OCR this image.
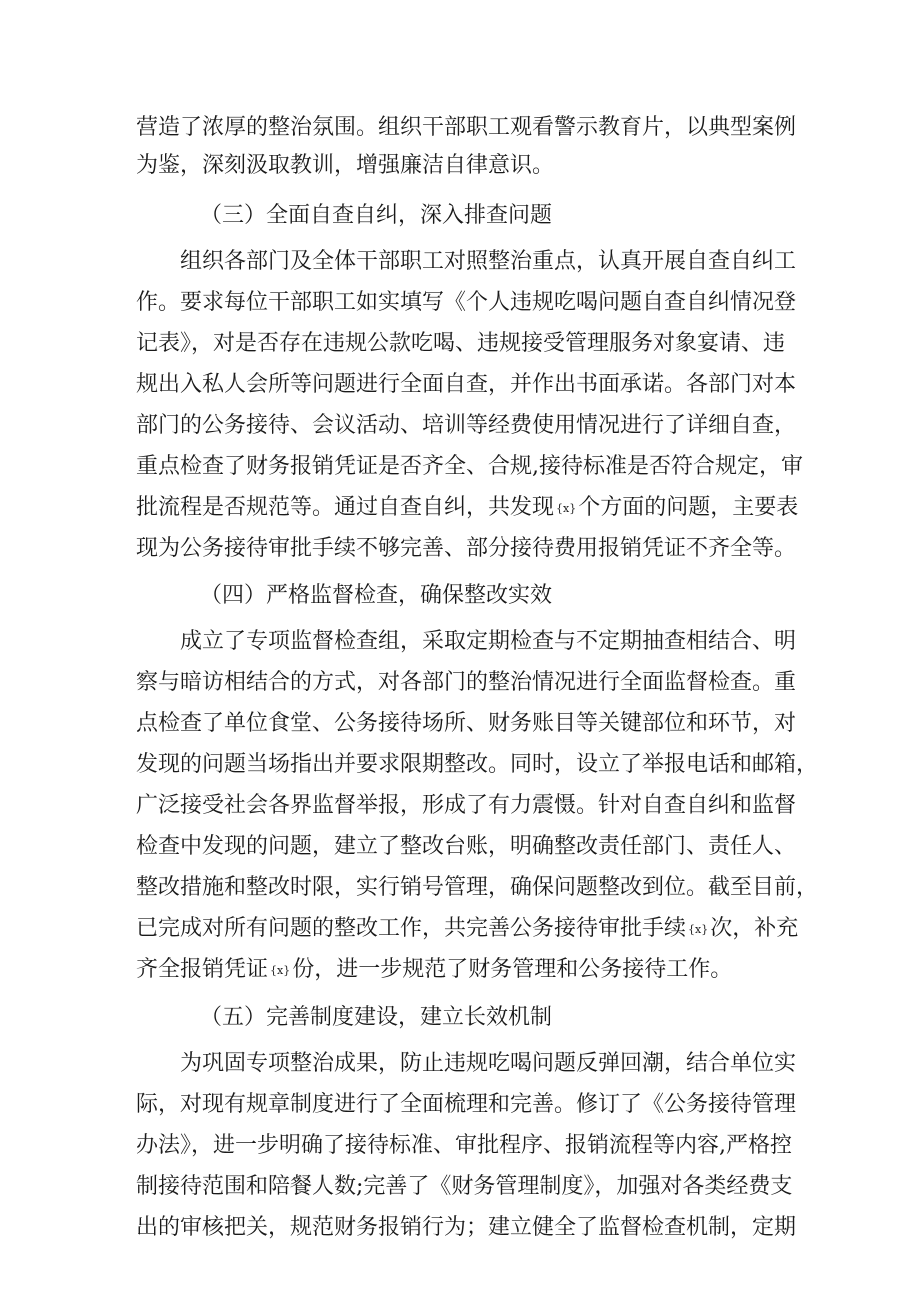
营造了浓厚的整治氛围。组织干部职工观看警示教育片，以典型案例
为鉴，深刻汲取教训，增强廉洁自律意识。
（三）全面自查自纠，深入排查问题
组织各部门及全体干部职工对照整治重点，认真开展自查自纠工
作。要求每位干部职工如实填写《个人违规吃喝问题自查自纠情况登
记表》，对是否存在违规公款吃喝、违规接受管理服务对象宴请、违
规出入私人会所等问题进行全面自查，并作出书面承诺。各部门对本
部门的公务接待、会议活动、培训等经费使用情况进行了详细自查，
重点检查了财务报销凭证是否齐全、合规,接待标准是否符合规定，审
批流程是否规范等。通过自查自纠，共发现 {x}个方面的问题，主要表
现为公务接待审批手续不够完善、部分接待费用报销凭证不齐全等。
（四）严格监督检查，确保整改实效
成立了专项监督检查组，采取定期检查与不定期抽查相结合、明
察与暗访相结合的方式，对各部门的整治情况进行全面监督检查。重
点检查了单位食堂、公务接待场所、财务账目等关键部位和环节，对
发现的问题当场指出并要求限期整改。同时，设立了举报电话和邮箱，
广泛接受社会各界监督举报，形成了有力震慑。针对自查自纠和监督
检查中发现的问题，建立了整改台账，明确整改责任部门、责任人、
整改措施和整改时限，实行销号管理，确保问题整改到位。截至目前，
已完成对所有问题的整改工作，共完善公务接待审批手续 {x}次，补充
齐全报销凭证 {x}份，进一步规范了财务管理和公务接待工作。
（五）完善制度建设，建立长效机制
为巩固专项整治成果，防止违规吃喝问题反弹回潮，结合单位实
际，对现有规章制度进行了全面梳理和完善。修订了《公务接待管理
办法》，进一步明确了接待标准、审批程序、报销流程等内容,严格控
制接待范围和陪餐人数;完善了《财务管理制度》，加强对各类经费支
出的审核把关，规范财务报销行为；建立健全了监督检查机制，定期
